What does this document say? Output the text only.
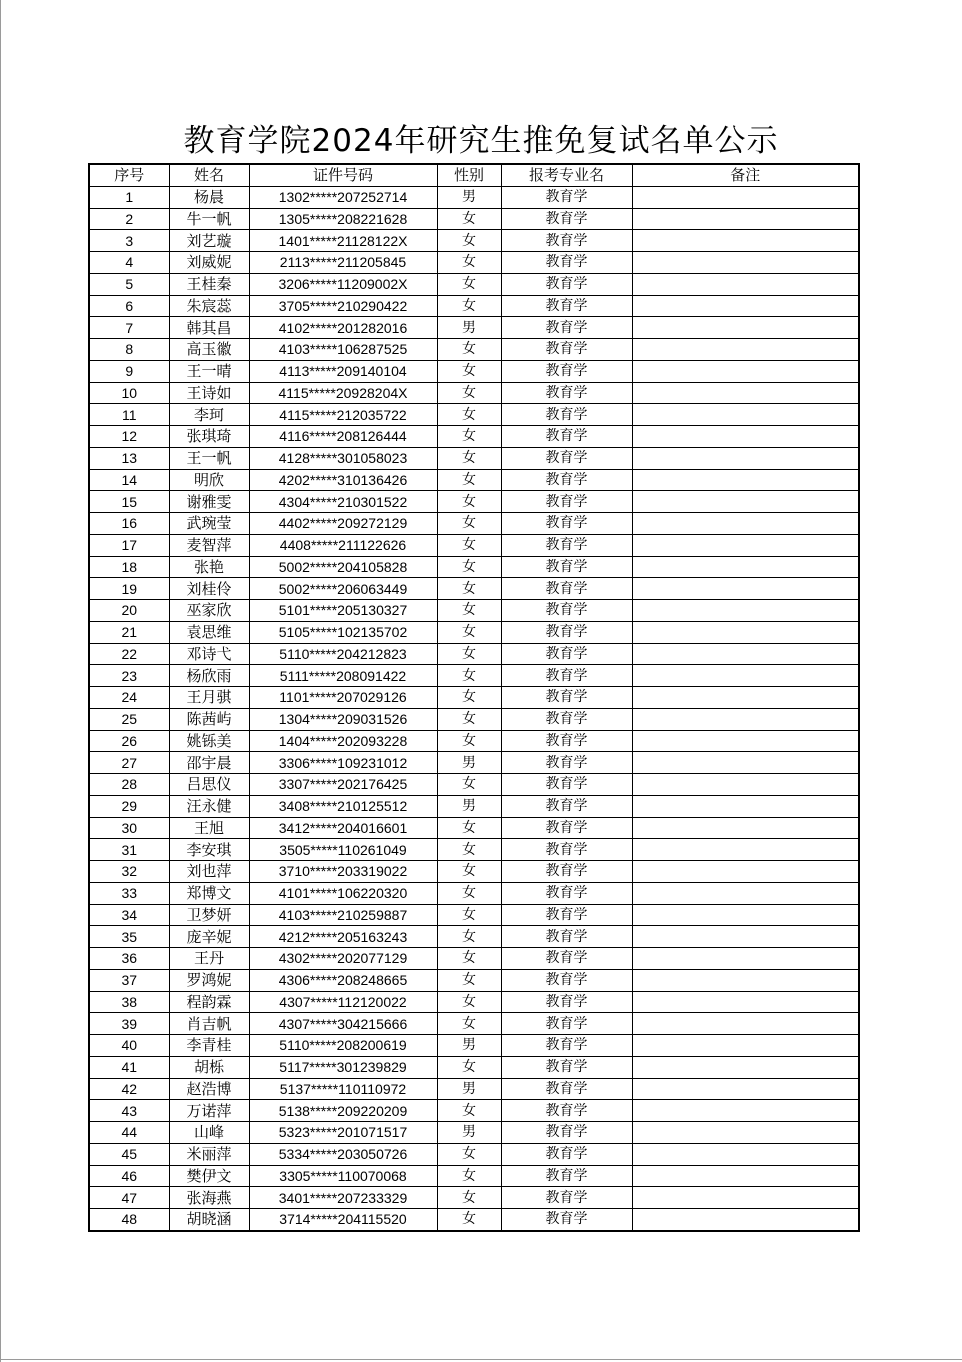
教育学院2024年研究生推免复试名单公示
序号	姓名	证件号码	性别	报考专业名	备注
1	杨晨	1302*****207252714	男	教育学	
2	牛一帆	1305*****208221628	女	教育学	
3	刘艺璇	1401*****21128122X	女	教育学	
4	刘威妮	2113*****211205845	女	教育学	
5	王桂秦	3206*****11209002X	女	教育学	
6	朱宸蕊	3705*****210290422	女	教育学	
7	韩其昌	4102*****201282016	男	教育学	
8	高玉徽	4103*****106287525	女	教育学	
9	王一晴	4113*****209140104	女	教育学	
10	王诗如	4115*****20928204X	女	教育学	
11	李珂	4115*****212035722	女	教育学	
12	张琪琦	4116*****208126444	女	教育学	
13	王一帆	4128*****301058023	女	教育学	
14	明欣	4202*****310136426	女	教育学	
15	谢雅雯	4304*****210301522	女	教育学	
16	武琬莹	4402*****209272129	女	教育学	
17	麦智萍	4408*****211122626	女	教育学	
18	张艳	5002*****204105828	女	教育学	
19	刘桂伶	5002*****206063449	女	教育学	
20	巫家欣	5101*****205130327	女	教育学	
21	袁思维	5105*****102135702	女	教育学	
22	邓诗弋	5110*****204212823	女	教育学	
23	杨欣雨	5111*****208091422	女	教育学	
24	王月骐	1101*****207029126	女	教育学	
25	陈茜屿	1304*****209031526	女	教育学	
26	姚铄美	1404*****202093228	女	教育学	
27	邵宇晨	3306*****109231012	男	教育学	
28	吕思仪	3307*****202176425	女	教育学	
29	汪永健	3408*****210125512	男	教育学	
30	王旭	3412*****204016601	女	教育学	
31	李安琪	3505*****110261049	女	教育学	
32	刘也萍	3710*****203319022	女	教育学	
33	郑博文	4101*****106220320	女	教育学	
34	卫梦妍	4103*****210259887	女	教育学	
35	庞辛妮	4212*****205163243	女	教育学	
36	王丹	4302*****202077129	女	教育学	
37	罗鸿妮	4306*****208248665	女	教育学	
38	程韵霖	4307*****112120022	女	教育学	
39	肖吉帆	4307*****304215666	女	教育学	
40	李青桂	5110*****208200619	男	教育学	
41	胡栎	5117*****301239829	女	教育学	
42	赵浩博	5137*****110110972	男	教育学	
43	万诺萍	5138*****209220209	女	教育学	
44	山峰	5323*****201071517	男	教育学	
45	米丽萍	5334*****203050726	女	教育学	
46	樊伊文	3305*****110070068	女	教育学	
47	张海燕	3401*****207233329	女	教育学	
48	胡晓涵	3714*****204115520	女	教育学	
